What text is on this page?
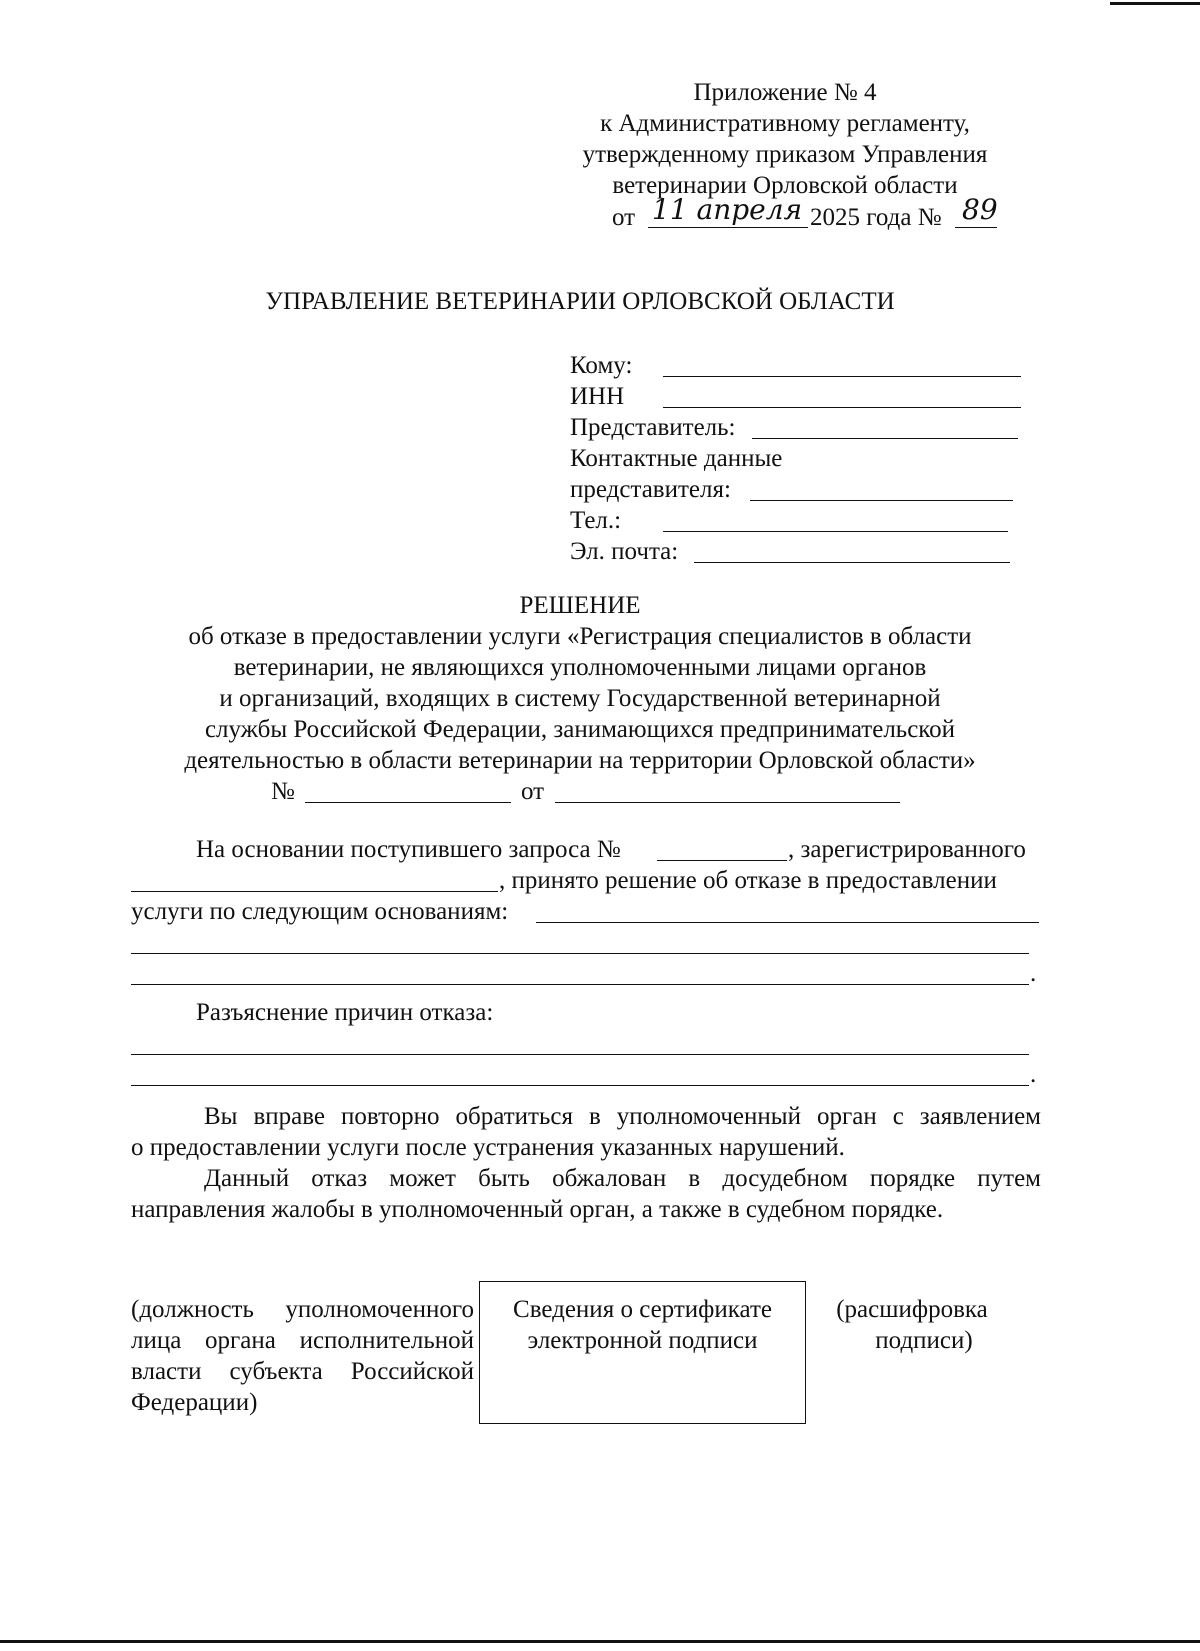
Приложение № 4
к Административному регламенту,
утвержденному приказом Управления
ветеринарии Орловской области
от 11 апреля 2025 года № 89
УПРАВЛЕНИЕ ВЕТЕРИНАРИИ ОРЛОВСКОЙ ОБЛАСТИ
Кому:
ИНН
Представитель:
Контактные данные
представителя:
Тел.:
Эл. почта:
РЕШЕНИЕ
об отказе в предоставлении услуги «Регистрация специалистов в области
ветеринарии, не являющихся уполномоченными лицами органов
и организаций, входящих в систему Государственной ветеринарной
службы Российской Федерации, занимающихся предпринимательской
деятельностью в области ветеринарии на территории Орловской области»
№	от
На основании поступившего запроса №	, зарегистрированного
, принято решение об отказе в предоставлении
услуги по следующим основаниям:
.
Разъяснение причин отказа:
.
Вы вправе повторно обратиться в уполномоченный орган с заявлением
о предоставлении услуги после устранения указанных нарушений.
Данный отказ может быть обжалован в досудебном порядке путем
направления жалобы в уполномоченный орган, а также в судебном порядке.
(должность уполномоченного
лица органа исполнительной
власти субъекта Российской
Федерации)
Сведения о сертификате
электронной подписи
(расшифровка
подписи)
